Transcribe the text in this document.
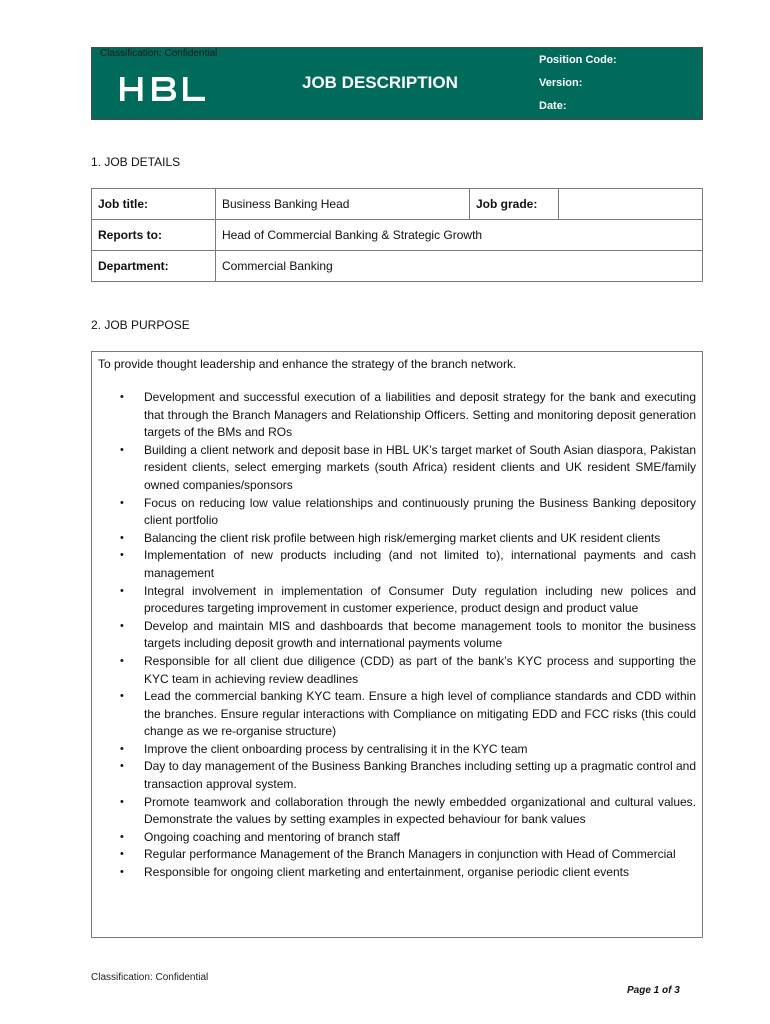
Classification: Confidential
JOB DESCRIPTION
Position Code:
Version:
Date:
1. JOB DETAILS
Job title:	Business Banking Head	Job grade:	
Reports to:	Head of Commercial Banking & Strategic Growth		
Department:	Commercial Banking		
2. JOB PURPOSE
To provide thought leadership and enhance the strategy of the branch network.
• Development and successful execution of a liabilities and deposit strategy for the bank and executing that through the Branch Managers and Relationship Officers. Setting and monitoring deposit generation targets of the BMs and ROs
• Building a client network and deposit base in HBL UK’s target market of South Asian diaspora, Pakistan resident clients, select emerging markets (south Africa) resident clients and UK resident SME/family owned companies/sponsors
• Focus on reducing low value relationships and continuously pruning the Business Banking depository client portfolio
• Balancing the client risk profile between high risk/emerging market clients and UK resident clients
• Implementation of new products including (and not limited to), international payments and cash management
• Integral involvement in implementation of Consumer Duty regulation including new polices and procedures targeting improvement in customer experience, product design and product value
• Develop and maintain MIS and dashboards that become management tools to monitor the business targets including deposit growth and international payments volume
• Responsible for all client due diligence (CDD) as part of the bank’s KYC process and supporting the KYC team in achieving review deadlines
• Lead the commercial banking KYC team. Ensure a high level of compliance standards and CDD within the branches. Ensure regular interactions with Compliance on mitigating EDD and FCC risks (this could change as we re-organise structure)
• Improve the client onboarding process by centralising it in the KYC team
• Day to day management of the Business Banking Branches including setting up a pragmatic control and transaction approval system.
• Promote teamwork and collaboration through the newly embedded organizational and cultural values. Demonstrate the values by setting examples in expected behaviour for bank values
• Ongoing coaching and mentoring of branch staff
• Regular performance Management of the Branch Managers in conjunction with Head of Commercial
• Responsible for ongoing client marketing and entertainment, organise periodic client events
Classification: Confidential
Page 1 of 3
